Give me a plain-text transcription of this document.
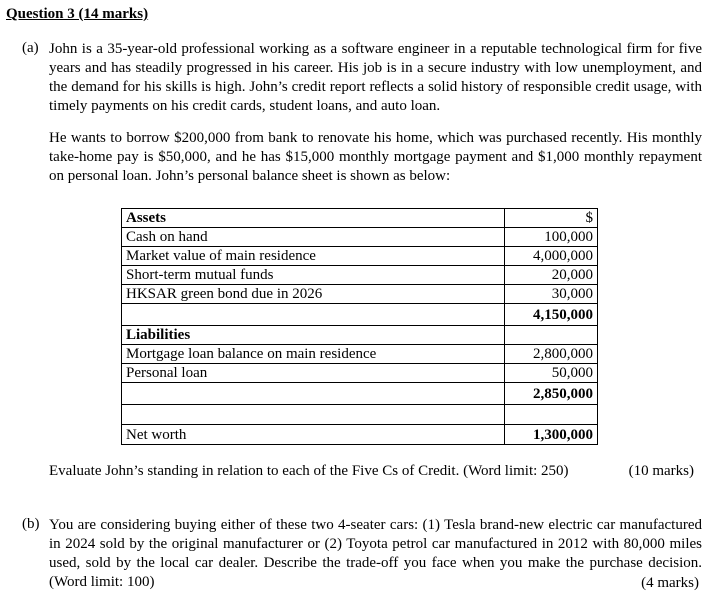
Question 3 (14 marks)
(a) John is a 35-year-old professional working as a software engineer in a reputable technological firm for five years and has steadily progressed in his career. His job is in a secure industry with low unemployment, and the demand for his skills is high. John’s credit report reflects a solid history of responsible credit usage, with timely payments on his credit cards, student loans, and auto loan.
He wants to borrow $200,000 from bank to renovate his home, which was purchased recently. His monthly take-home pay is $50,000, and he has $15,000 monthly mortgage payment and $1,000 monthly repayment on personal loan. John’s personal balance sheet is shown as below:
Assets	$
Cash on hand	100,000
Market value of main residence	4,000,000
Short-term mutual funds	20,000
HKSAR green bond due in 2026	30,000
	4,150,000
Liabilities	
Mortgage loan balance on main residence	2,800,000
Personal loan	50,000
	2,850,000

Net worth	1,300,000
Evaluate John’s standing in relation to each of the Five Cs of Credit. (Word limit: 250)	(10 marks)
(b) You are considering buying either of these two 4-seater cars: (1) Tesla brand-new electric car manufactured in 2024 sold by the original manufacturer or (2) Toyota petrol car manufactured in 2012 with 80,000 miles used, sold by the local car dealer. Describe the trade-off you face when you make the purchase decision. (Word limit: 100)	(4 marks)
